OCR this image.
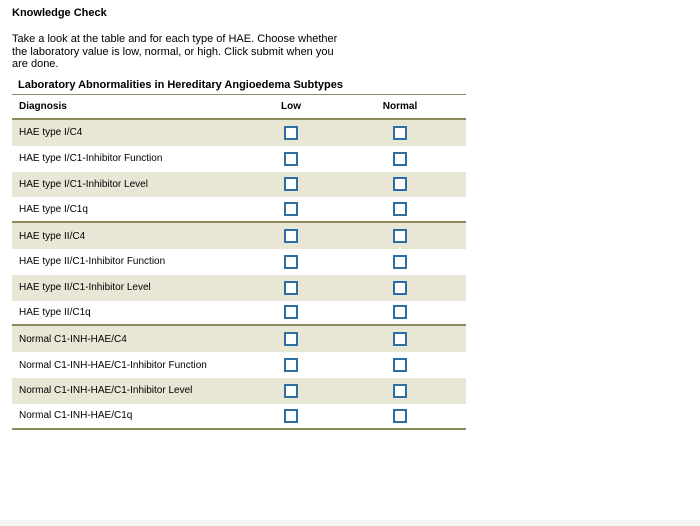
Knowledge Check
Take a look at the table and for each type of HAE. Choose whether
the laboratory value is low, normal, or high. Click submit when you
are done.
Laboratory Abnormalities in Hereditary Angioedema Subtypes
Diagnosis	Low	Normal
HAE type I/C4
HAE type I/C1-Inhibitor Function
HAE type I/C1-Inhibitor Level
HAE type I/C1q
HAE type II/C4
HAE type II/C1-Inhibitor Function
HAE type II/C1-Inhibitor Level
HAE type II/C1q
Normal C1-INH-HAE/C4
Normal C1-INH-HAE/C1-Inhibitor Function
Normal C1-INH-HAE/C1-Inhibitor Level
Normal C1-INH-HAE/C1q
